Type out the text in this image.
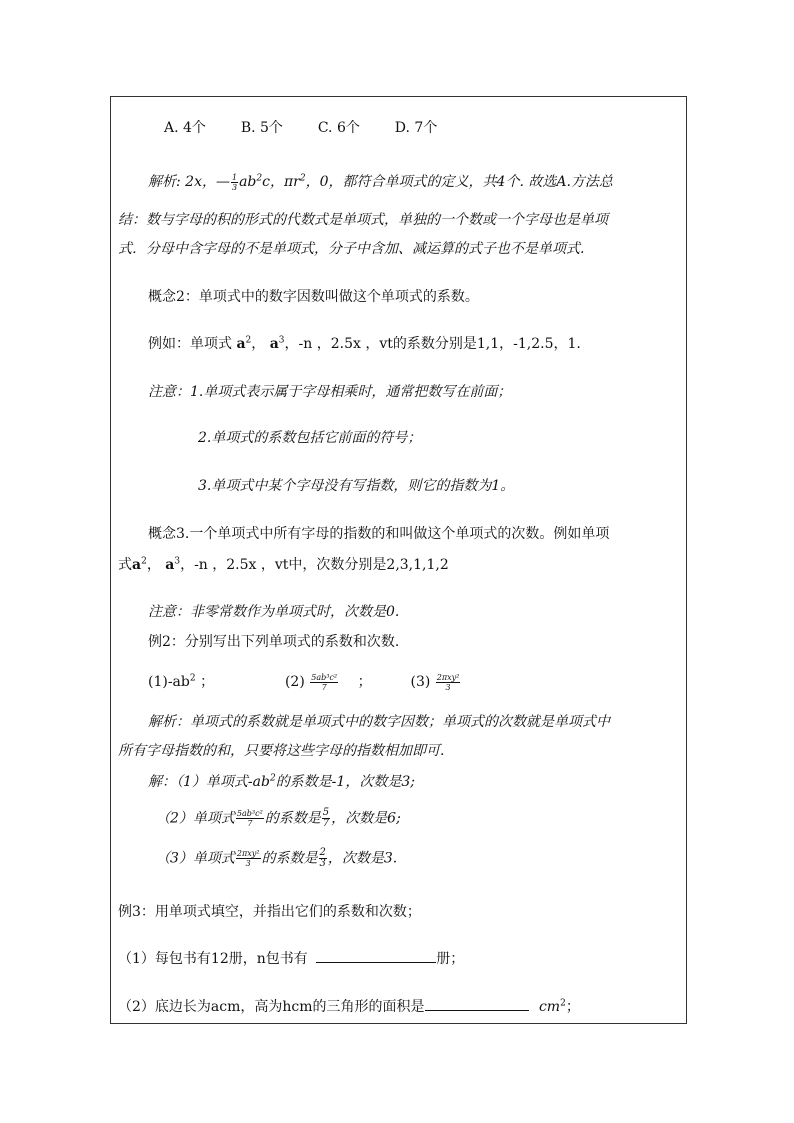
A. 4个 B. 5个 C. 6个 D. 7个
解析: 2x，— $\frac{1}{3} ab^2c$，$\pi r^2$，0，都符合单项式的定义，共4个. 故选A.方法总
结：数与字母的积的形式的代数式是单项式，单独的一个数或一个字母也是单项
式．分母中含字母的不是单项式，分子中含加、减运算的式子也不是单项式.
概念2：单项式中的数字因数叫做这个单项式的系数。
例如：单项式 $a^2$， $a^3$，-n ，2.5x ，vt的系数分别是1,1，-1,2.5，1.
注意：1.单项式表示属于字母相乘时，通常把数写在前面；
2.单项式的系数包括它前面的符号；
3.单项式中某个字母没有写指数，则它的指数为1。
概念3.一个单项式中所有字母的指数的和叫做这个单项式的次数。例如单项
式$a^2$， $a^3$，-n ，2.5x ，vt中，次数分别是2,3,1,1,2
注意：非零常数作为单项式时，次数是0.
例2：分别写出下列单项式的系数和次数.
$(1)-ab^2$ ；	$(2) \frac{\text{5ab³c²}}{7}$ ；	$(3) \frac{\text{2πxy²}}{3}$
解析：单项式的系数就是单项式中的数字因数；单项式的次数就是单项式中
所有字母指数的和，只要将这些字母的指数相加即可.
解：（1）单项式$-ab^2$的系数是-1，次数是3;
（2）单项式 $\frac{\text{5ab³c²}}{7}$ 的系数是 $\frac{5}{7}$ ，次数是6;
（3）单项式 $\frac{\text{2πxy²}}{3}$ 的系数是 $\frac{2}{3}$ ，次数是3.
例3：用单项式填空，并指出它们的系数和次数；
（1）每包书有12册，n包书有	册；
（2）底边长为acm，高为hcm的三角形的面积是	$cm^2$；
